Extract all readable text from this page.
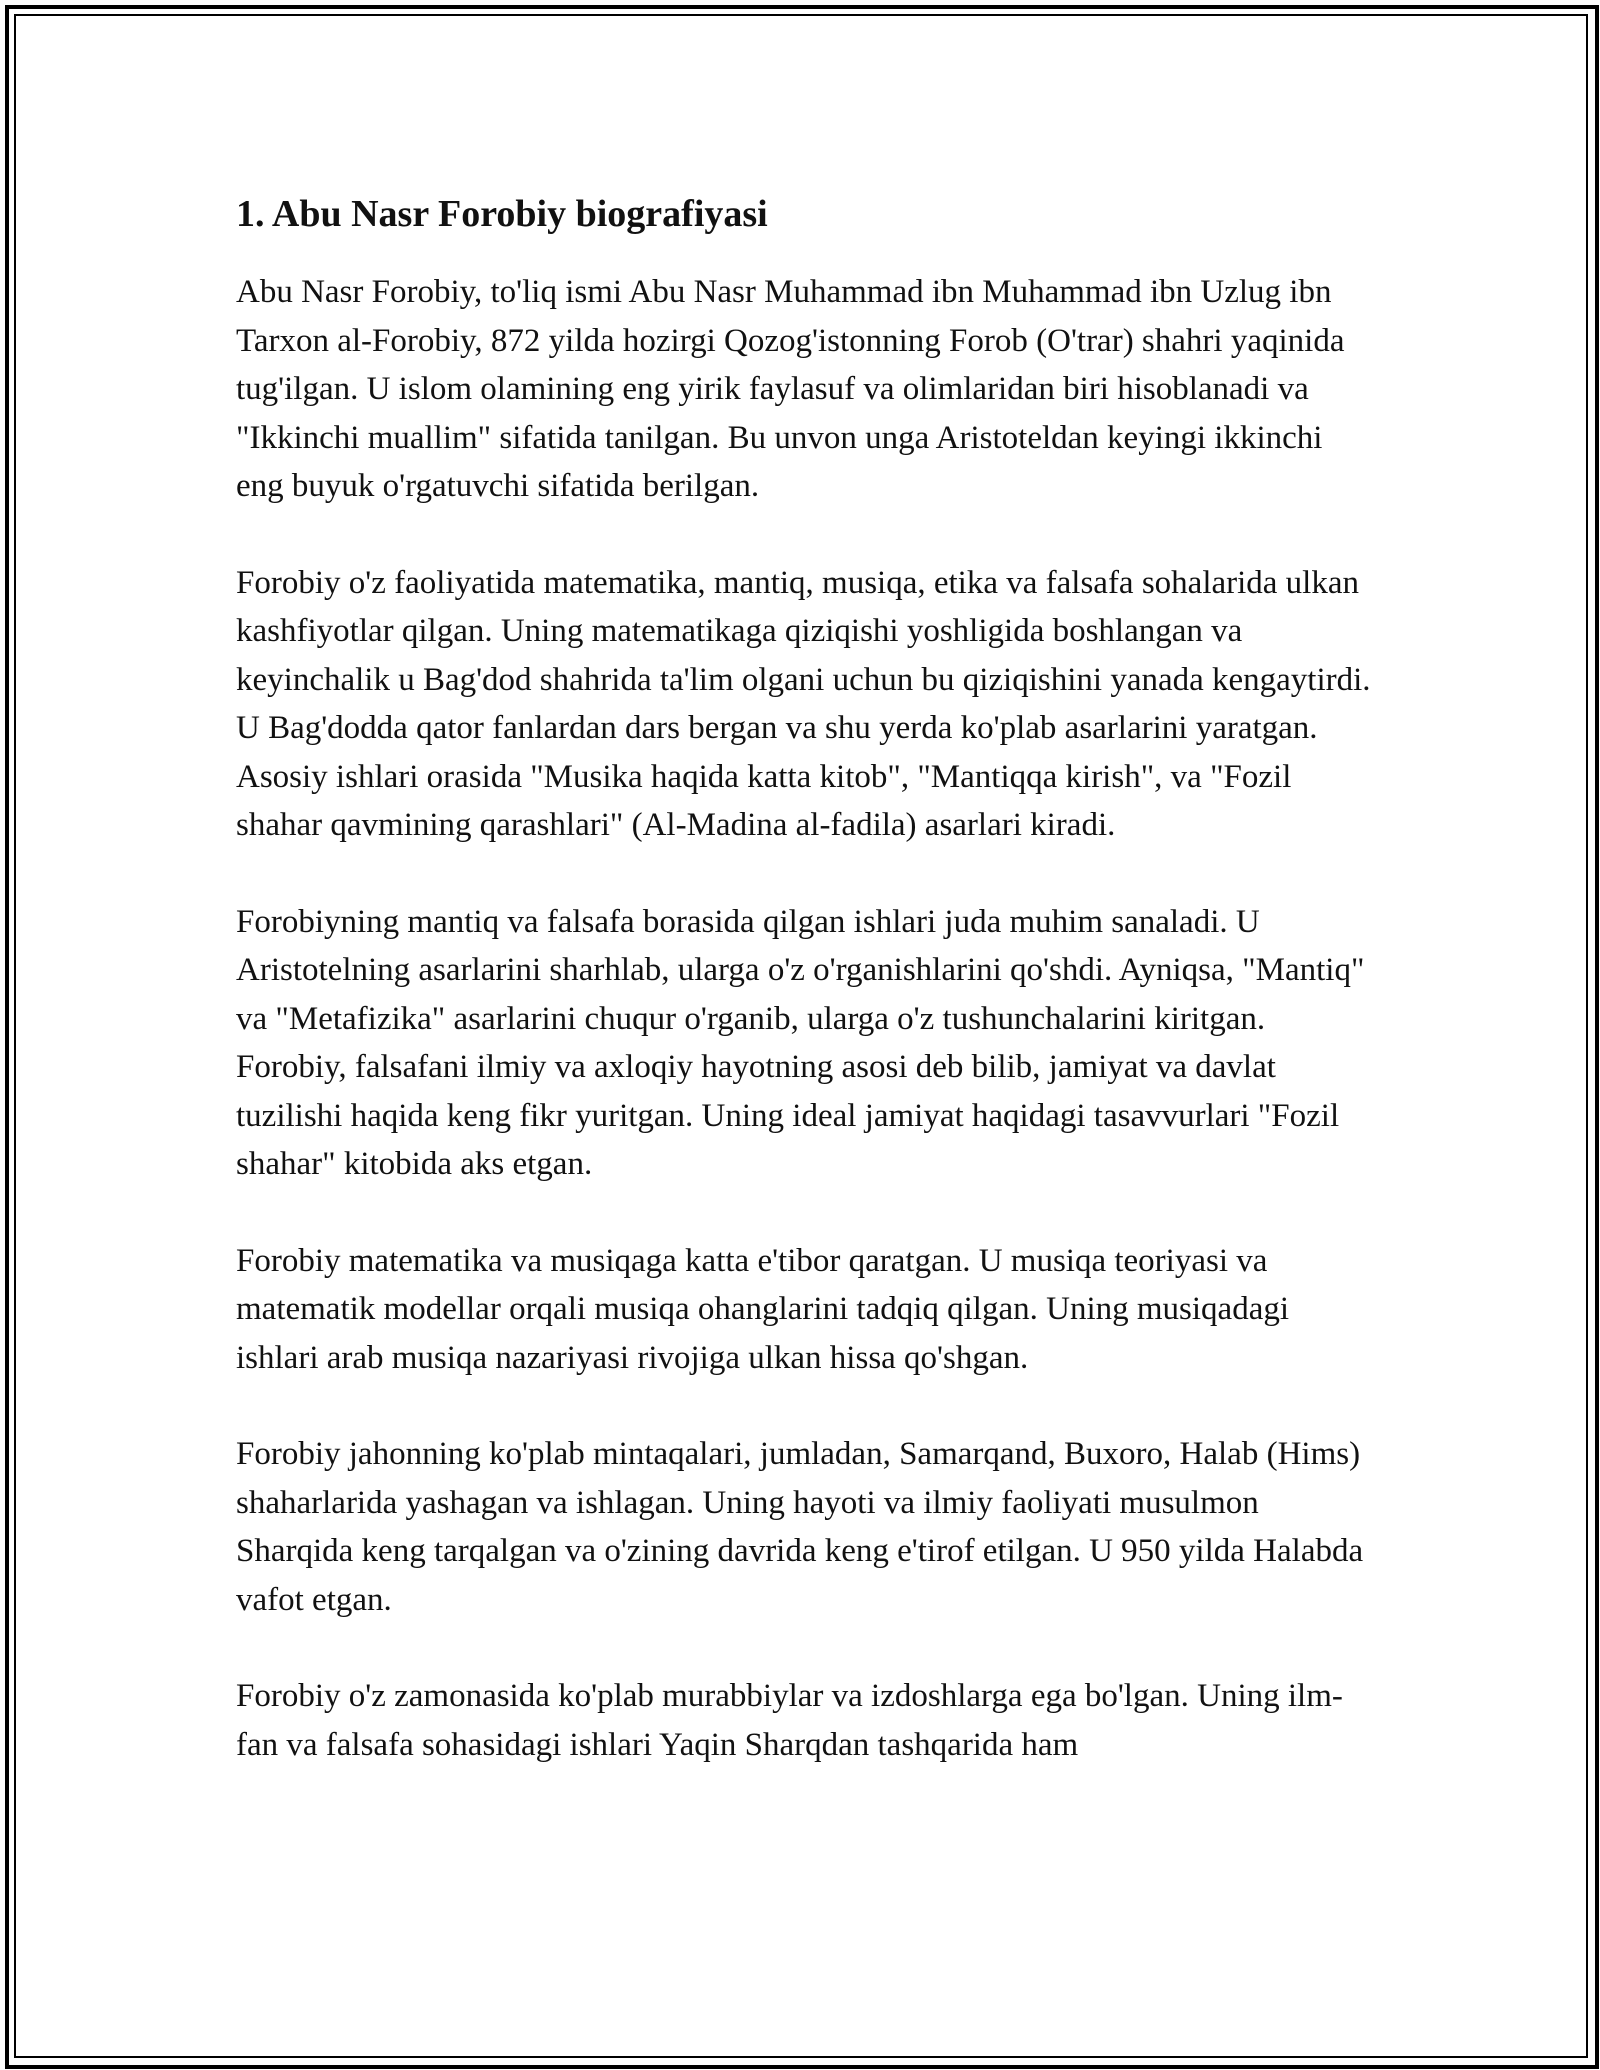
1. Abu Nasr Forobiy biografiyasi

Abu Nasr Forobiy, to'liq ismi Abu Nasr Muhammad ibn Muhammad ibn Uzlug ibn Tarxon al-Forobiy, 872 yilda hozirgi Qozog'istonning Forob (O'trar) shahri yaqinida tug'ilgan. U islom olamining eng yirik faylasuf va olimlaridan biri hisoblanadi va "Ikkinchi muallim" sifatida tanilgan. Bu unvon unga Aristoteldan keyingi ikkinchi eng buyuk o'rgatuvchi sifatida berilgan.

Forobiy o'z faoliyatida matematika, mantiq, musiqa, etika va falsafa sohalarida ulkan kashfiyotlar qilgan. Uning matematikaga qiziqishi yoshligida boshlangan va keyinchalik u Bag'dod shahrida ta'lim olgani uchun bu qiziqishini yanada kengaytirdi. U Bag'dodda qator fanlardan dars bergan va shu yerda ko'plab asarlarini yaratgan. Asosiy ishlari orasida "Musika haqida katta kitob", "Mantiqqa kirish", va "Fozil shahar qavmining qarashlari" (Al-Madina al-fadila) asarlari kiradi.

Forobiyning mantiq va falsafa borasida qilgan ishlari juda muhim sanaladi. U Aristotelning asarlarini sharhlab, ularga o'z o'rganishlarini qo'shdi. Ayniqsa, "Mantiq" va "Metafizika" asarlarini chuqur o'rganib, ularga o'z tushunchalarini kiritgan. Forobiy, falsafani ilmiy va axloqiy hayotning asosi deb bilib, jamiyat va davlat tuzilishi haqida keng fikr yuritgan. Uning ideal jamiyat haqidagi tasavvurlari "Fozil shahar" kitobida aks etgan.

Forobiy matematika va musiqaga katta e'tibor qaratgan. U musiqa teoriyasi va matematik modellar orqali musiqa ohanglarini tadqiq qilgan. Uning musiqadagi ishlari arab musiqa nazariyasi rivojiga ulkan hissa qo'shgan.

Forobiy jahonning ko'plab mintaqalari, jumladan, Samarqand, Buxoro, Halab (Hims) shaharlarida yashagan va ishlagan. Uning hayoti va ilmiy faoliyati musulmon Sharqida keng tarqalgan va o'zining davrida keng e'tirof etilgan. U 950 yilda Halabda vafot etgan.

Forobiy o'z zamonasida ko'plab murabbiylar va izdoshlarga ega bo'lgan. Uning ilm-fan va falsafa sohasidagi ishlari Yaqin Sharqdan tashqarida ham
